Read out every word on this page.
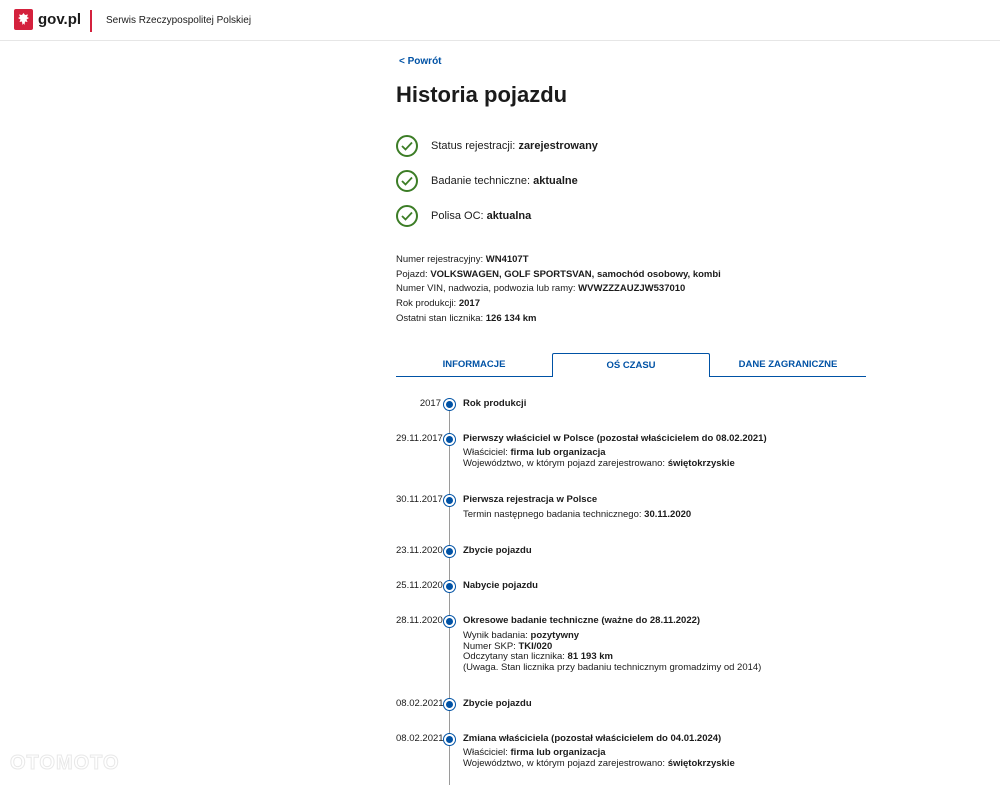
gov.pl Serwis Rzeczypospolitej Polskiej
< Powrót
Historia pojazdu
Status rejestracji: zarejestrowany
Badanie techniczne: aktualne
Polisa OC: aktualna
Numer rejestracyjny: WN4107T
Pojazd: VOLKSWAGEN, GOLF SPORTSVAN, samochód osobowy, kombi
Numer VIN, nadwozia, podwozia lub ramy: WVWZZZAUZJW537010
Rok produkcji: 2017
Ostatni stan licznika: 126 134 km
INFORMACJE	OŚ CZASU	DANE ZAGRANICZNE
2017 Rok produkcji
29.11.2017 Pierwszy właściciel w Polsce (pozostał właścicielem do 08.02.2021)
Właściciel: firma lub organizacja
Województwo, w którym pojazd zarejestrowano: świętokrzyskie
30.11.2017 Pierwsza rejestracja w Polsce
Termin następnego badania technicznego: 30.11.2020
23.11.2020 Zbycie pojazdu
25.11.2020 Nabycie pojazdu
28.11.2020 Okresowe badanie techniczne (ważne do 28.11.2022)
Wynik badania: pozytywny
Numer SKP: TKI/020
Odczytany stan licznika: 81 193 km
(Uwaga. Stan licznika przy badaniu technicznym gromadzimy od 2014)
08.02.2021 Zbycie pojazdu
08.02.2021 Zmiana właściciela (pozostał właścicielem do 04.01.2024)
Właściciel: firma lub organizacja
Województwo, w którym pojazd zarejestrowano: świętokrzyskie
OTOMOTO
